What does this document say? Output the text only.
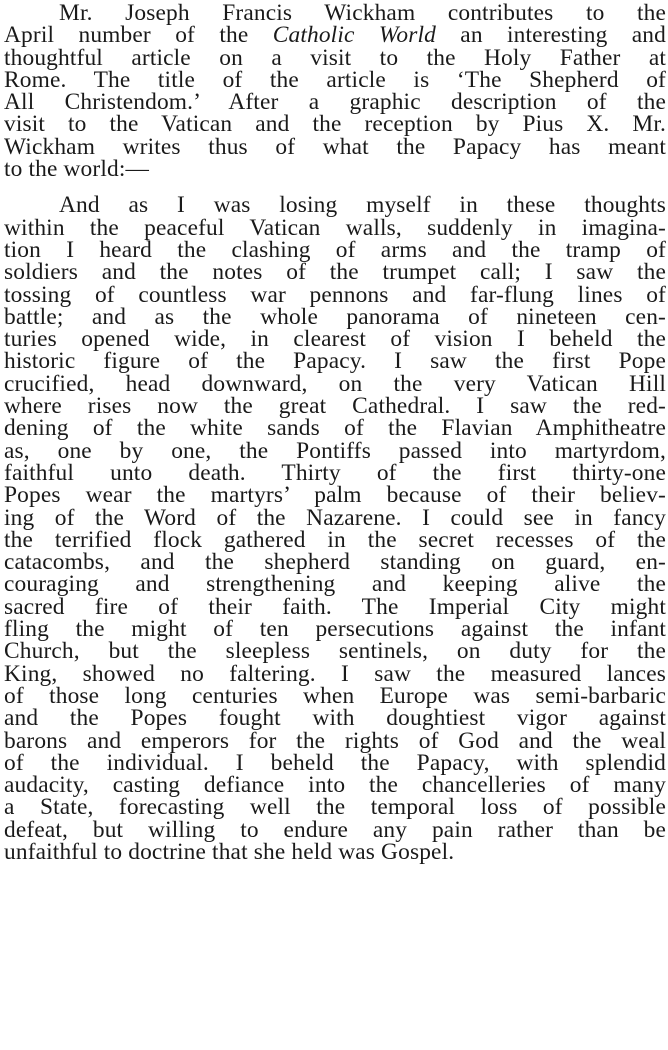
Mr. Joseph Francis Wickham contributes to the
April number of the Catholic World an interesting and
thoughtful article on a visit to the Holy Father at
Rome. The title of the article is ‘The Shepherd of
All Christendom.’ After a graphic description of the
visit to the Vatican and the reception by Pius X. Mr.
Wickham writes thus of what the Papacy has meant
to the world:—
And as I was losing myself in these thoughts
within the peaceful Vatican walls, suddenly in imagina-
tion I heard the clashing of arms and the tramp of
soldiers and the notes of the trumpet call; I saw the
tossing of countless war pennons and far-flung lines of
battle; and as the whole panorama of nineteen cen-
turies opened wide, in clearest of vision I beheld the
historic figure of the Papacy. I saw the first Pope
crucified, head downward, on the very Vatican Hill
where rises now the great Cathedral. I saw the red-
dening of the white sands of the Flavian Amphitheatre
as, one by one, the Pontiffs passed into martyrdom,
faithful unto death. Thirty of the first thirty-one
Popes wear the martyrs’ palm because of their believ-
ing of the Word of the Nazarene. I could see in fancy
the terrified flock gathered in the secret recesses of the
catacombs, and the shepherd standing on guard, en-
couraging and strengthening and keeping alive the
sacred fire of their faith. The Imperial City might
fling the might of ten persecutions against the infant
Church, but the sleepless sentinels, on duty for the
King, showed no faltering. I saw the measured lances
of those long centuries when Europe was semi-barbaric
and the Popes fought with doughtiest vigor against
barons and emperors for the rights of God and the weal
of the individual. I beheld the Papacy, with splendid
audacity, casting defiance into the chancelleries of many
a State, forecasting well the temporal loss of possible
defeat, but willing to endure any pain rather than be
unfaithful to doctrine that she held was Gospel.
